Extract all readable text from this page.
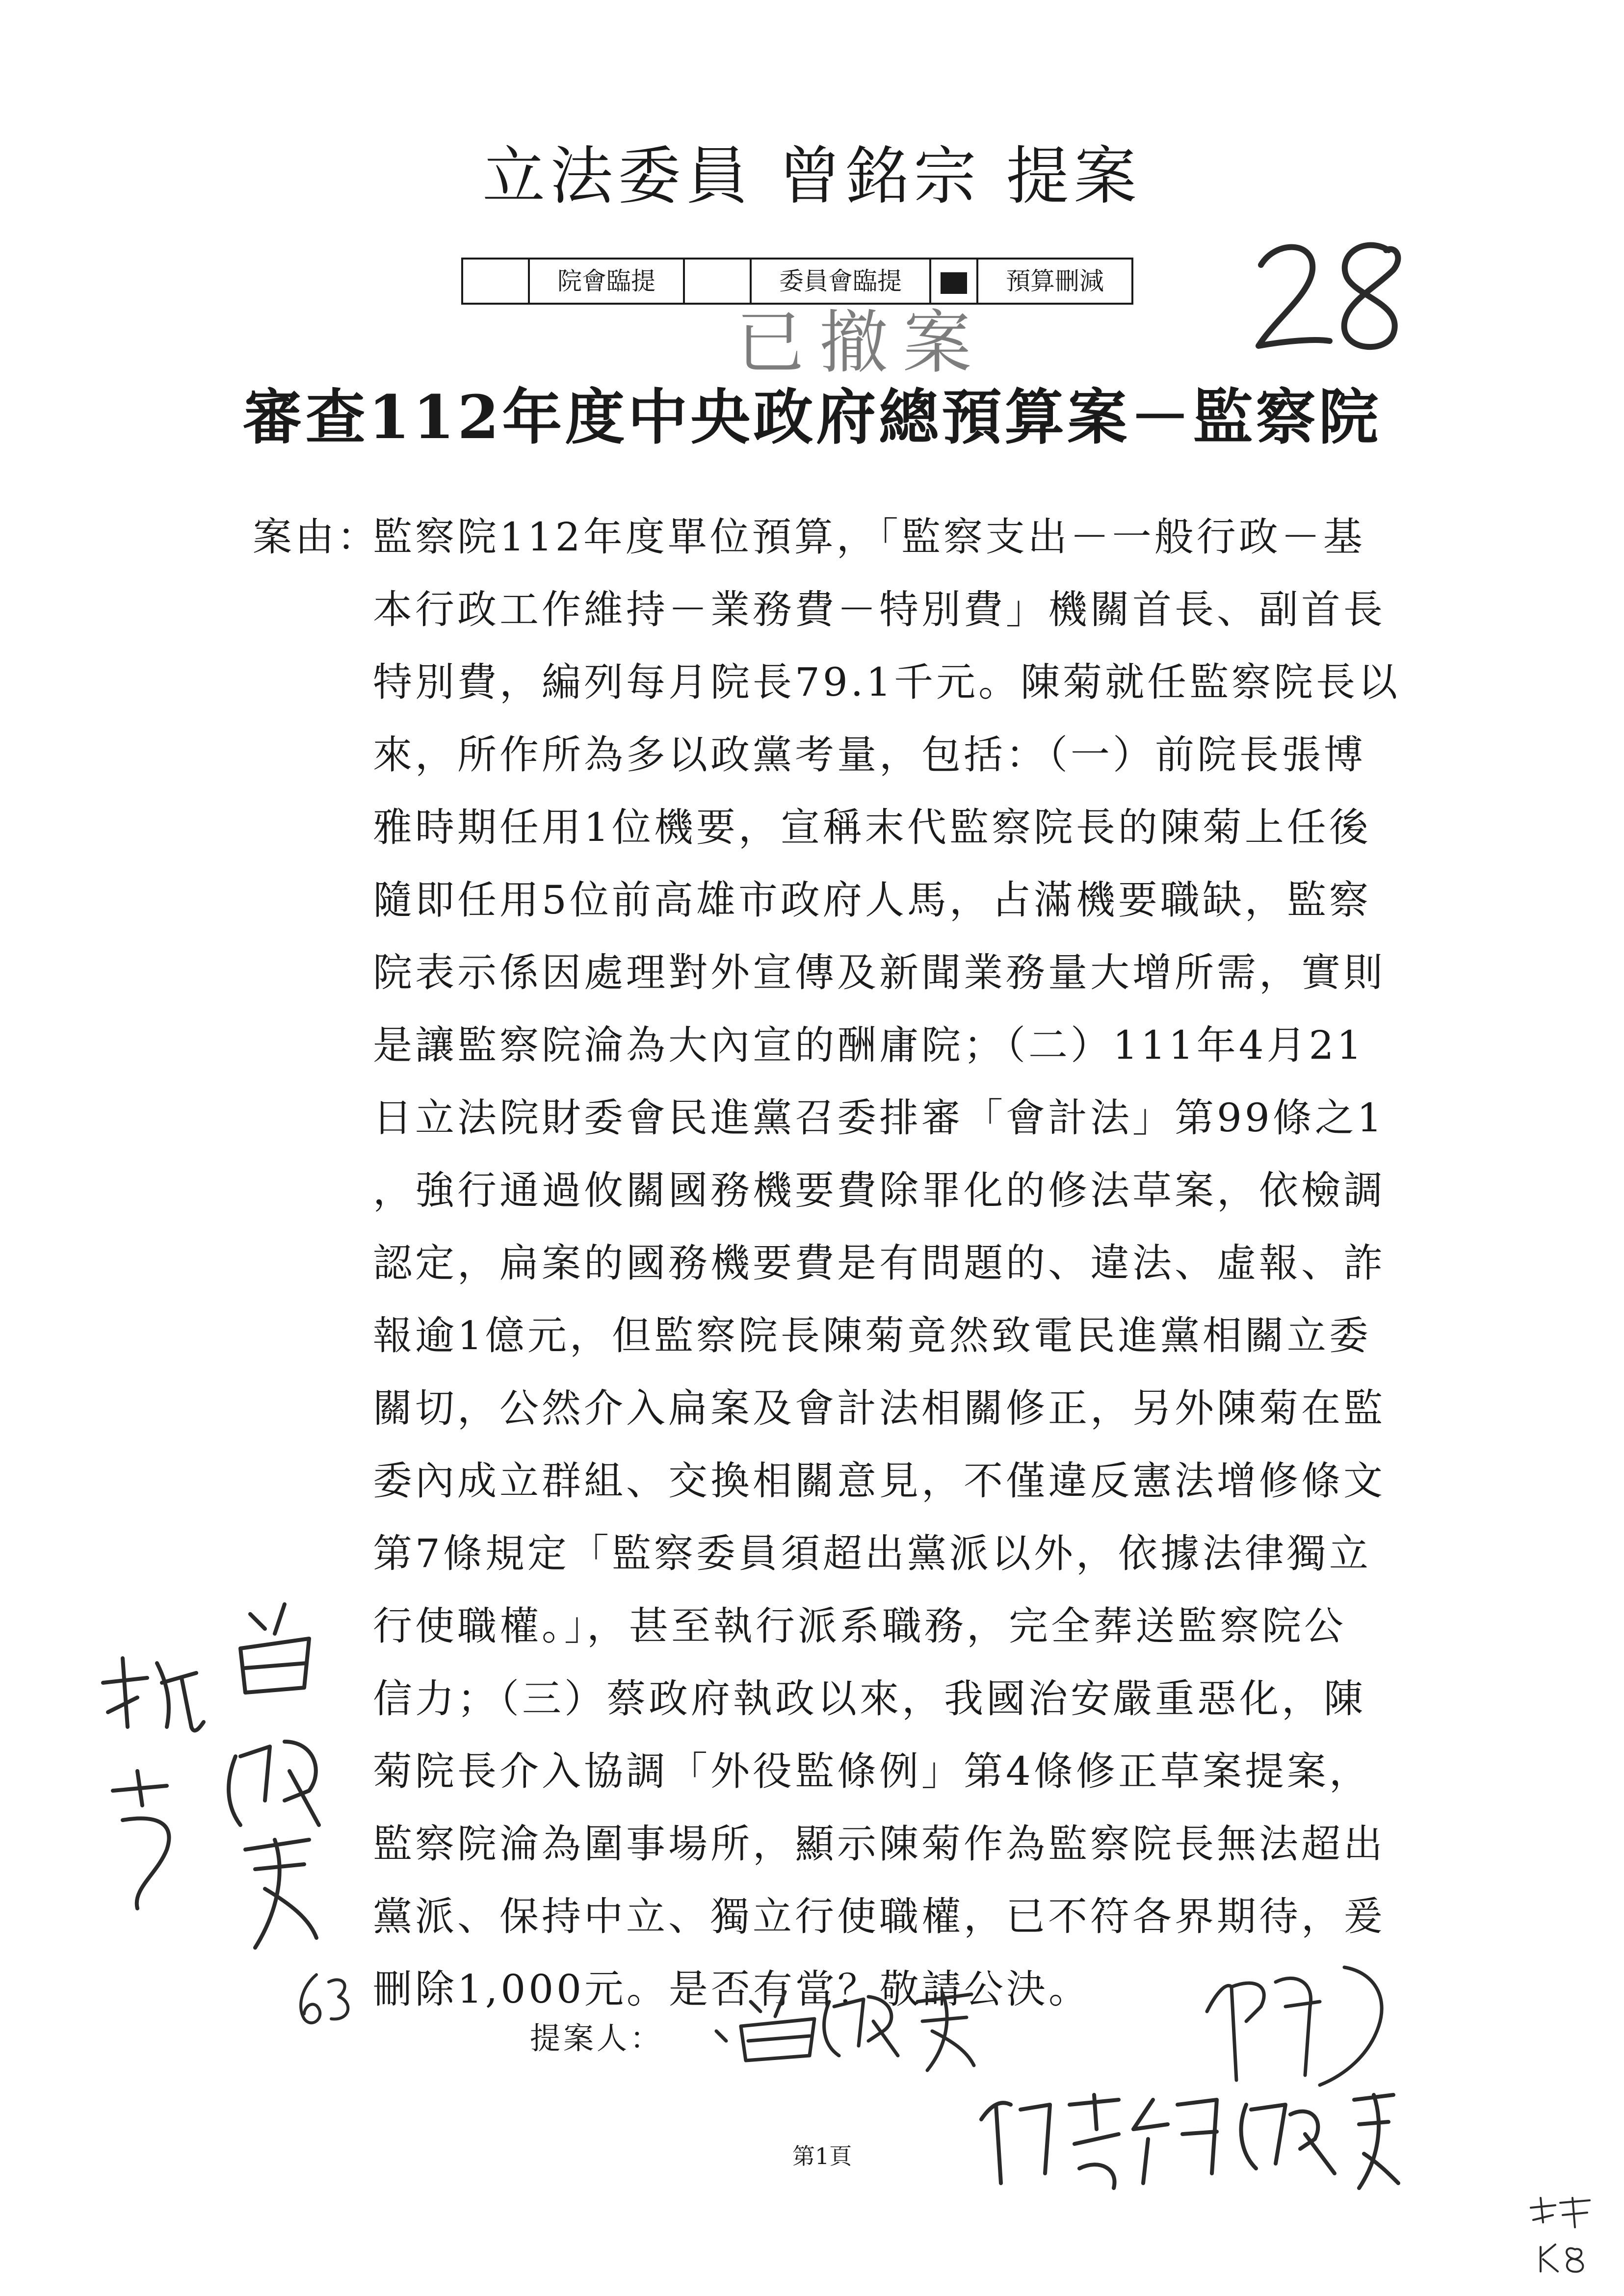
立法委員 曾銘宗 提案
	院會臨提		委員會臨提		預算刪減
已撤案
審查112年度中央政府總預算案－監察院
案由：
監察院112年度單位預算，「監察支出－一般行政－基
本行政工作維持－業務費－特別費」機關首長、副首長
特別費，編列每月院長79.1千元。陳菊就任監察院長以
來，所作所為多以政黨考量，包括：（一）前院長張博
雅時期任用1位機要，宣稱末代監察院長的陳菊上任後
隨即任用5位前高雄市政府人馬，占滿機要職缺，監察
院表示係因處理對外宣傳及新聞業務量大增所需，實則
是讓監察院淪為大內宣的酬庸院；（二）111年4月21
日立法院財委會民進黨召委排審「會計法」第99條之1
，強行通過攸關國務機要費除罪化的修法草案，依檢調
認定，扁案的國務機要費是有問題的、違法、虛報、詐
報逾1億元，但監察院長陳菊竟然致電民進黨相關立委
關切，公然介入扁案及會計法相關修正，另外陳菊在監
委內成立群組、交換相關意見，不僅違反憲法增修條文
第7條規定「監察委員須超出黨派以外，依據法律獨立
行使職權。」，甚至執行派系職務，完全葬送監察院公
信力；（三）蔡政府執政以來，我國治安嚴重惡化，陳
菊院長介入協調「外役監條例」第4條修正草案提案，
監察院淪為圍事場所，顯示陳菊作為監察院長無法超出
黨派、保持中立、獨立行使職權，已不符各界期待，爰
刪除1,000元。是否有當？敬請公決。
提案人：
第1頁
